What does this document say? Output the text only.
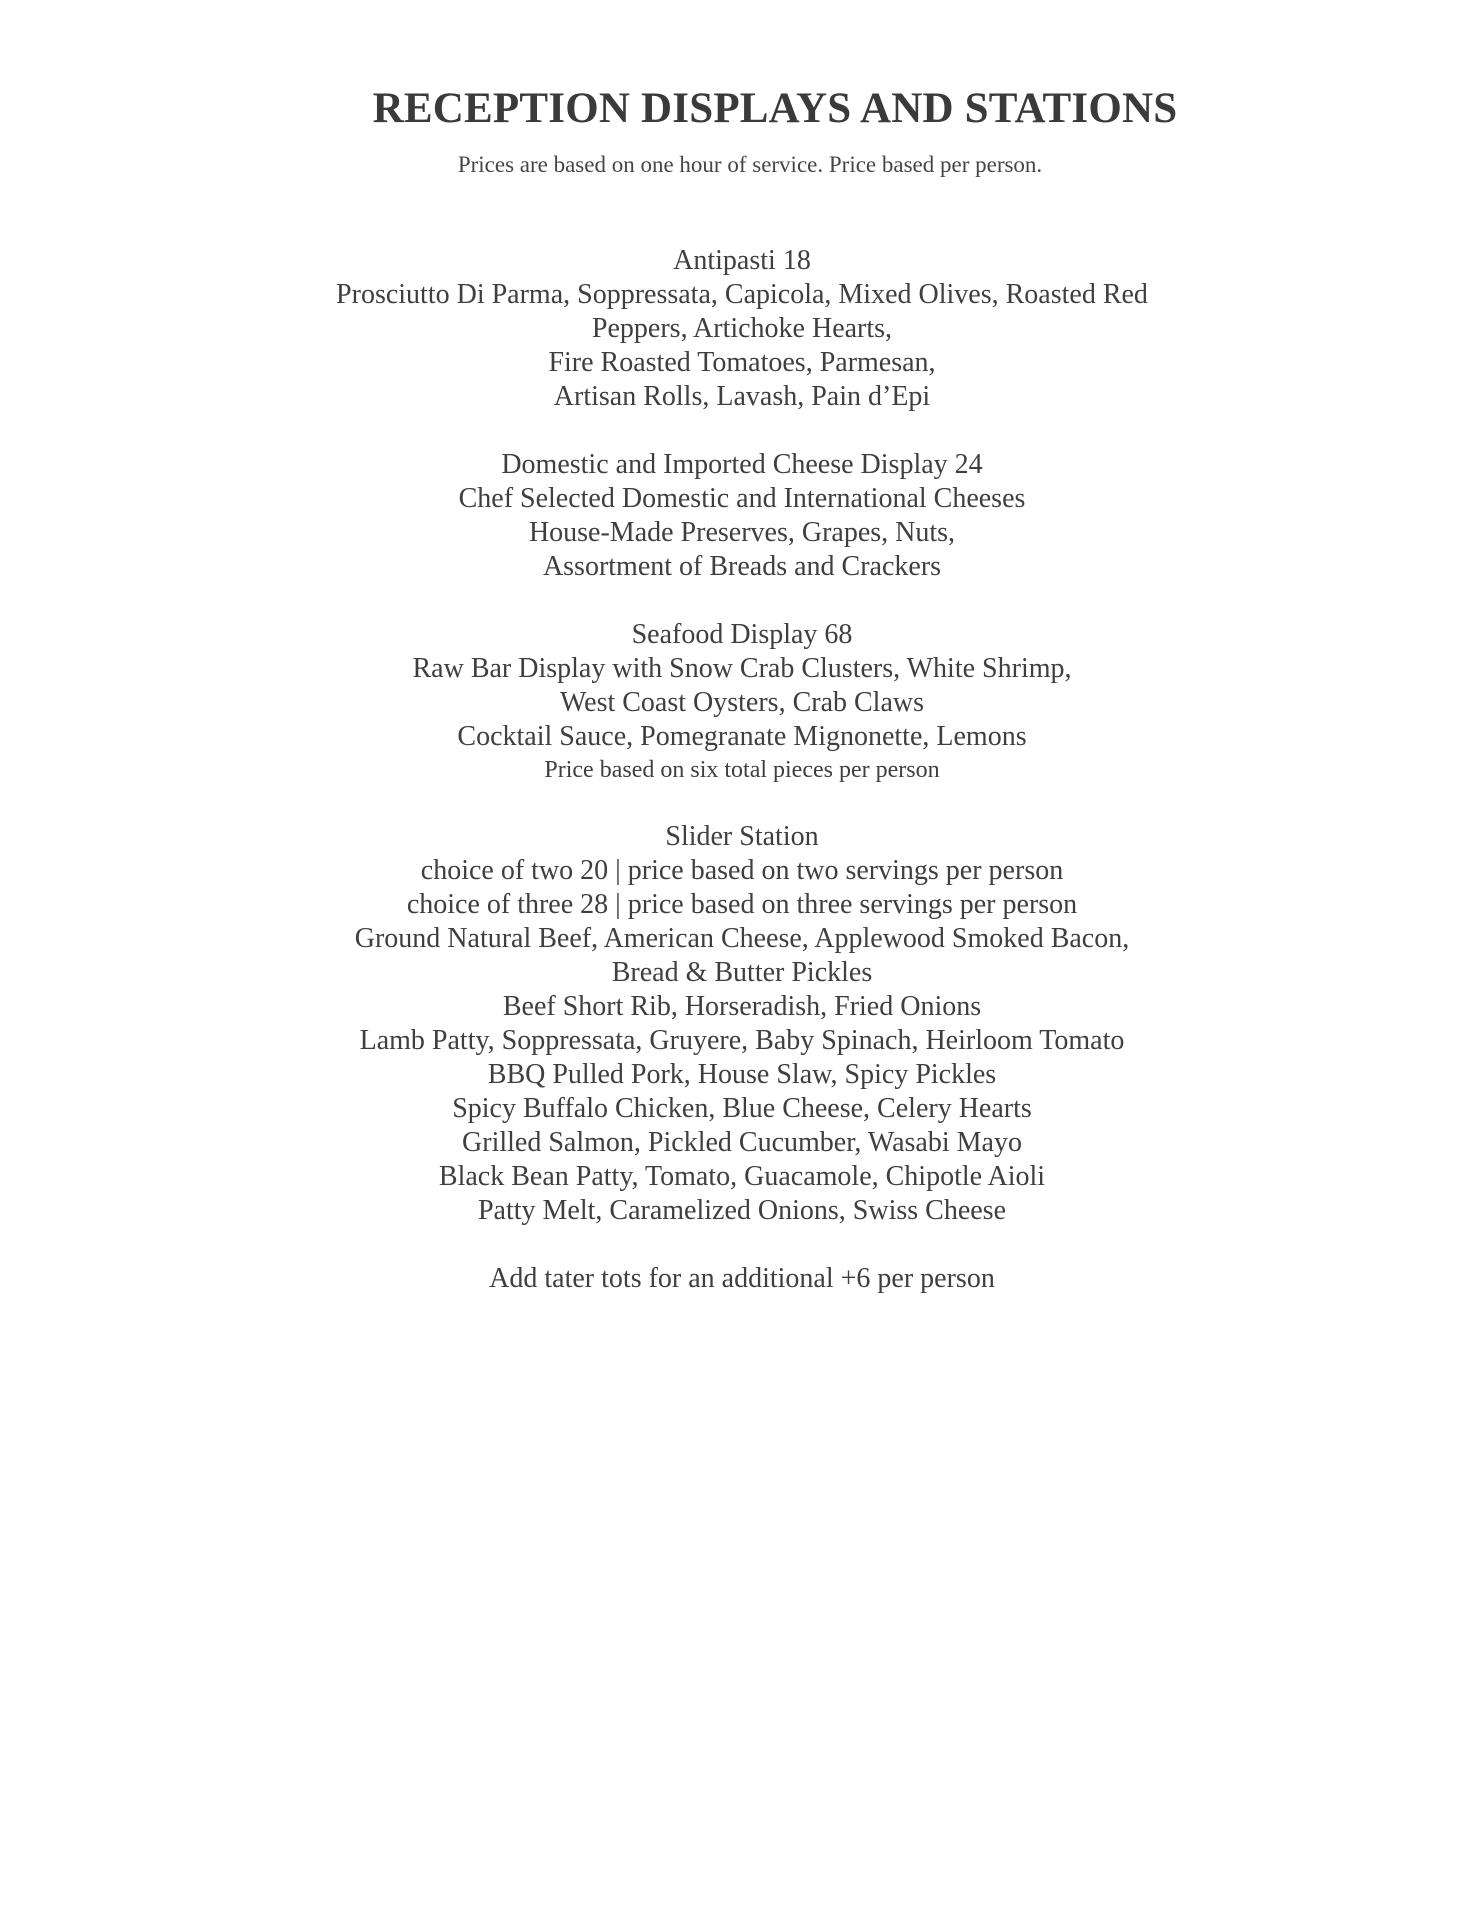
RECEPTION DISPLAYS AND STATIONS
Prices are based on one hour of service. Price based per person.
Antipasti 18
Prosciutto Di Parma, Soppressata, Capicola, Mixed Olives, Roasted Red
Peppers, Artichoke Hearts,
Fire Roasted Tomatoes, Parmesan,
Artisan Rolls, Lavash, Pain d’Epi
Domestic and Imported Cheese Display 24
Chef Selected Domestic and International Cheeses
House-Made Preserves, Grapes, Nuts,
Assortment of Breads and Crackers
Seafood Display 68
Raw Bar Display with Snow Crab Clusters, White Shrimp,
West Coast Oysters, Crab Claws
Cocktail Sauce, Pomegranate Mignonette, Lemons
Price based on six total pieces per person
Slider Station
choice of two 20 | price based on two servings per person
choice of three 28 | price based on three servings per person
Ground Natural Beef, American Cheese, Applewood Smoked Bacon,
Bread & Butter Pickles
Beef Short Rib, Horseradish, Fried Onions
Lamb Patty, Soppressata, Gruyere, Baby Spinach, Heirloom Tomato
BBQ Pulled Pork, House Slaw, Spicy Pickles
Spicy Buffalo Chicken, Blue Cheese, Celery Hearts
Grilled Salmon, Pickled Cucumber, Wasabi Mayo
Black Bean Patty, Tomato, Guacamole, Chipotle Aioli
Patty Melt, Caramelized Onions, Swiss Cheese
Add tater tots for an additional +6 per person
